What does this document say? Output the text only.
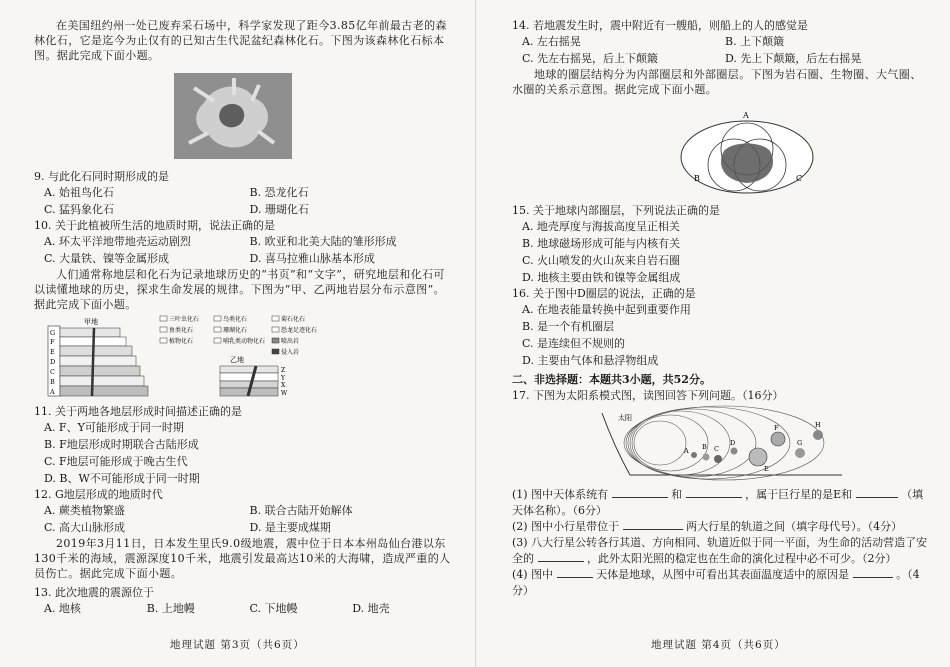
在美国纽约州一处已废弃采石场中，科学家发现了距今3.85亿年前最古老的森林化石，它是迄今为止仅有的已知古生代泥盆纪森林化石。下图为该森林化石标本图。据此完成下面小题。

9. 与此化石同时期形成的是

A. 始祖鸟化石	B. 恐龙化石
C. 猛犸象化石	D. 珊瑚化石

10. 关于此植被所生活的地质时期，说法正确的是

A. 环太平洋地带地壳运动剧烈	B. 欧亚和北美大陆的雏形形成
C. 大量铁、镍等金属形成	D. 喜马拉雅山脉基本形成

人们通常称地层和化石为记录地球历史的“书页”和“文字”，研究地层和化石可以读懂地球的历史，探求生命发展的规律。下图为“甲、乙两地岩层分布示意图”。据此完成下面小题。

甲地
G
F
E
D
C
B
A
三叶虫化石
鱼类化石
植物化石
鸟类化石
珊瑚化石
哺乳类动物化石
菊石化石
恐龙足迹化石
喷出岩
侵入岩
乙地
Z
Y
X
W

11. 关于两地各地层形成时间描述正确的是

A. F、Y可能形成于同一时期
B. F地层形成时期联合古陆形成
C. F地层可能形成于晚古生代
D. B、W不可能形成于同一时期

12. G地层形成的地质时代

A. 蕨类植物繁盛	B. 联合古陆开始解体
C. 高大山脉形成	D. 是主要成煤期

2019年3月11日，日本发生里氏9.0级地震，震中位于日本本州岛仙台港以东130千米的海域，震源深度10千米，地震引发最高达10米的大海啸，造成严重的人员伤亡。据此完成下面小题。

13. 此次地震的震源位于

A. 地核	B. 上地幔	C. 下地幔	D. 地壳
地理试题 第3页（共6页）

14. 若地震发生时，震中附近有一艘船，则船上的人的感觉是

A. 左右摇晃	B. 上下颠簸
C. 先左右摇晃，后上下颠簸	D. 先上下颠簸，后左右摇晃

地球的圈层结构分为内部圈层和外部圈层。下图为岩石圈、生物圈、大气圈、水圈的关系示意图。据此完成下面小题。

A
B	C

15. 关于地球内部圈层，下列说法正确的是

A. 地壳厚度与海拔高度呈正相关
B. 地球磁场形成可能与内核有关
C. 火山喷发的火山灰来自岩石圈
D. 地核主要由铁和镍等金属组成

16. 关于图中D圈层的说法，正确的是

A. 在地表能量转换中起到重要作用
B. 是一个有机圈层
C. 是连续但不规则的
D. 主要由气体和悬浮物组成
二、非选择题：本题共3小题，共52分。

17. 下图为太阳系模式图，读图回答下列问题。（16分）

太阳
A B C
D
E
F
G
H

(1) 图中天体系统有	和	，属于巨行星的是E和	（填天体名称）。（6分）

(2) 图中小行星带位于	两大行星的轨道之间（填字母代号）。（4分）

(3) 八大行星公转各行其道、方向相同、轨道近似于同一平面，为生命的活动营造了安全的	，此外太阳光照的稳定也在生命的演化过程中必不可少。（2分）

(4) 图中	天体是地球，从图中可看出其表面温度适中的原因是	。（4分）

地理试题 第4页（共6页）
